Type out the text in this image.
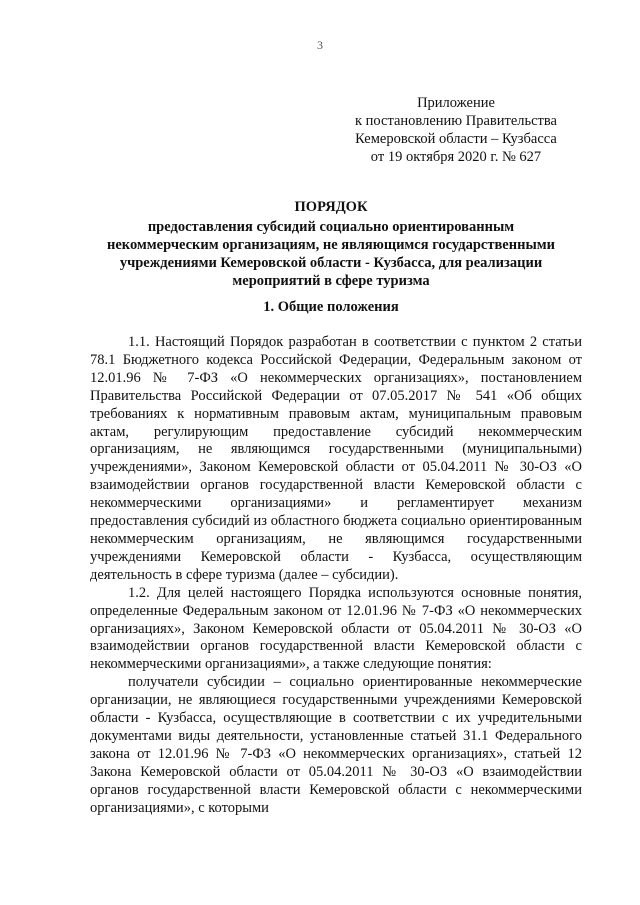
3
Приложение
к постановлению Правительства
Кемеровской области – Кузбасса
от 19 октября 2020 г. № 627
ПОРЯДОК
предоставления субсидий социально ориентированным
некоммерческим организациям, не являющимся государственными
учреждениями Кемеровской области - Кузбасса, для реализации
мероприятий в сфере туризма
1. Общие положения

1.1. Настоящий Порядок разработан в соответствии с пунктом 2 статьи 78.1 Бюджетного кодекса Российской Федерации, Федеральным законом от 12.01.96 № 7-ФЗ «О некоммерческих организациях», постановлением Правительства Российской Федерации от 07.05.2017 № 541 «Об общих требованиях к нормативным правовым актам, муниципальным правовым актам, регулирующим предоставление субсидий некоммерческим организациям, не являющимся государственными (муниципальными) учреждениями», Законом Кемеровской области от 05.04.2011 № 30-ОЗ «О взаимодействии органов государственной власти Кемеровской области с некоммерческими организациями» и регламентирует механизм предоставления субсидий из областного бюджета социально ориентированным некоммерческим организациям, не являющимся государственными учреждениями Кемеровской области - Кузбасса, осуществляющим деятельность в сфере туризма (далее – субсидии).

1.2. Для целей настоящего Порядка используются основные понятия, определенные Федеральным законом от 12.01.96 № 7-ФЗ «О некоммерческих организациях», Законом Кемеровской области от 05.04.2011 № 30-ОЗ «О взаимодействии органов государственной власти Кемеровской области с некоммерческими организациями», а также следующие понятия:

получатели субсидии – социально ориентированные некоммерческие организации, не являющиеся государственными учреждениями Кемеровской области - Кузбасса, осуществляющие в соответствии с их учредительными документами виды деятельности, установленные статьей 31.1 Федерального закона от 12.01.96 № 7-ФЗ «О некоммерческих организациях», статьей 12 Закона Кемеровской области от 05.04.2011 № 30-ОЗ «О взаимодействии органов государственной власти Кемеровской области с некоммерческими организациями», с которыми
